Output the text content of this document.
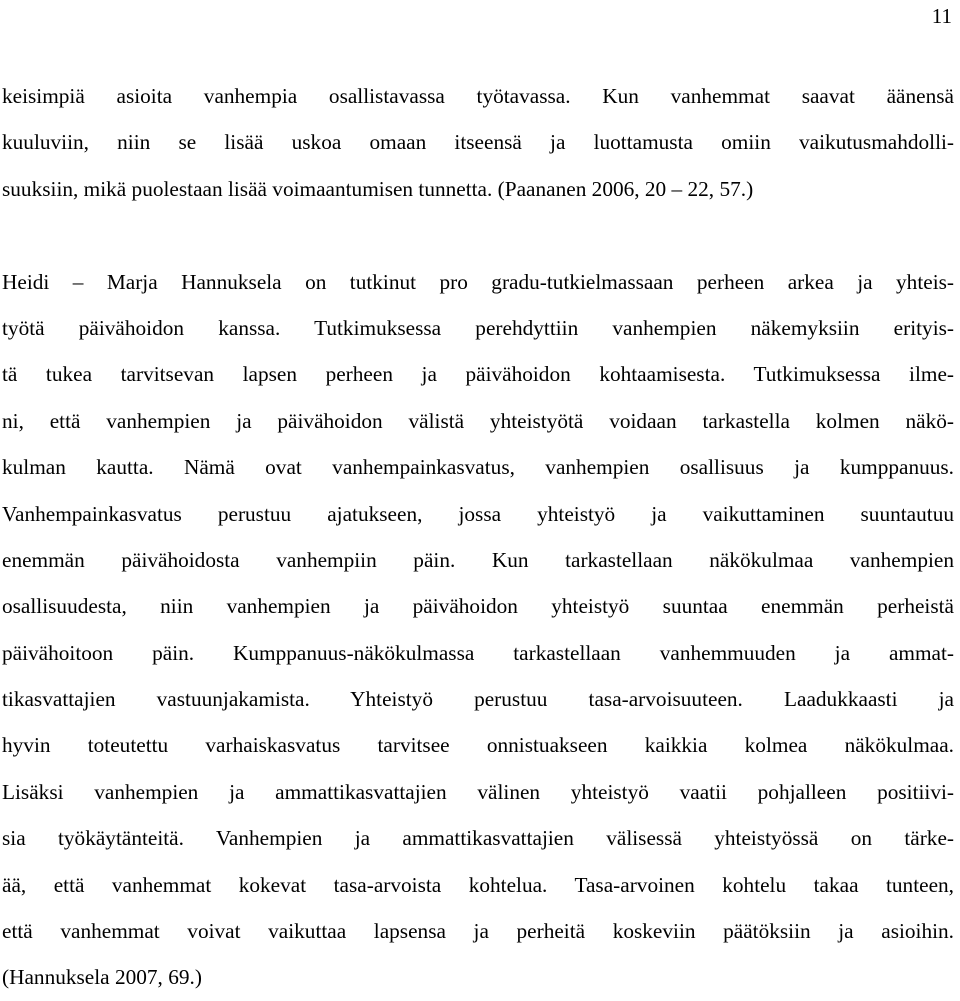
11
keisimpiä asioita vanhempia osallistavassa työtavassa. Kun vanhemmat saavat äänensä
kuuluviin, niin se lisää uskoa omaan itseensä ja luottamusta omiin vaikutusmahdolli-
suuksiin, mikä puolestaan lisää voimaantumisen tunnetta. (Paananen 2006, 20 – 22, 57.)
Heidi – Marja Hannuksela on tutkinut pro gradu-tutkielmassaan perheen arkea ja yhteis-
työtä päivähoidon kanssa. Tutkimuksessa perehdyttiin vanhempien näkemyksiin erityis-
tä tukea tarvitsevan lapsen perheen ja päivähoidon kohtaamisesta. Tutkimuksessa ilme-
ni, että vanhempien ja päivähoidon välistä yhteistyötä voidaan tarkastella kolmen näkö-
kulman kautta. Nämä ovat vanhempainkasvatus, vanhempien osallisuus ja kumppanuus.
Vanhempainkasvatus perustuu ajatukseen, jossa yhteistyö ja vaikuttaminen suuntautuu
enemmän päivähoidosta vanhempiin päin. Kun tarkastellaan näkökulmaa vanhempien
osallisuudesta, niin vanhempien ja päivähoidon yhteistyö suuntaa enemmän perheistä
päivähoitoon päin. Kumppanuus-näkökulmassa tarkastellaan vanhemmuuden ja ammat-
tikasvattajien vastuunjakamista. Yhteistyö perustuu tasa-arvoisuuteen. Laadukkaasti ja
hyvin toteutettu varhaiskasvatus tarvitsee onnistuakseen kaikkia kolmea näkökulmaa.
Lisäksi vanhempien ja ammattikasvattajien välinen yhteistyö vaatii pohjalleen positiivi-
sia työkäytänteitä. Vanhempien ja ammattikasvattajien välisessä yhteistyössä on tärke-
ää, että vanhemmat kokevat tasa-arvoista kohtelua. Tasa-arvoinen kohtelu takaa tunteen,
että vanhemmat voivat vaikuttaa lapsensa ja perheitä koskeviin päätöksiin ja asioihin.
(Hannuksela 2007, 69.)
